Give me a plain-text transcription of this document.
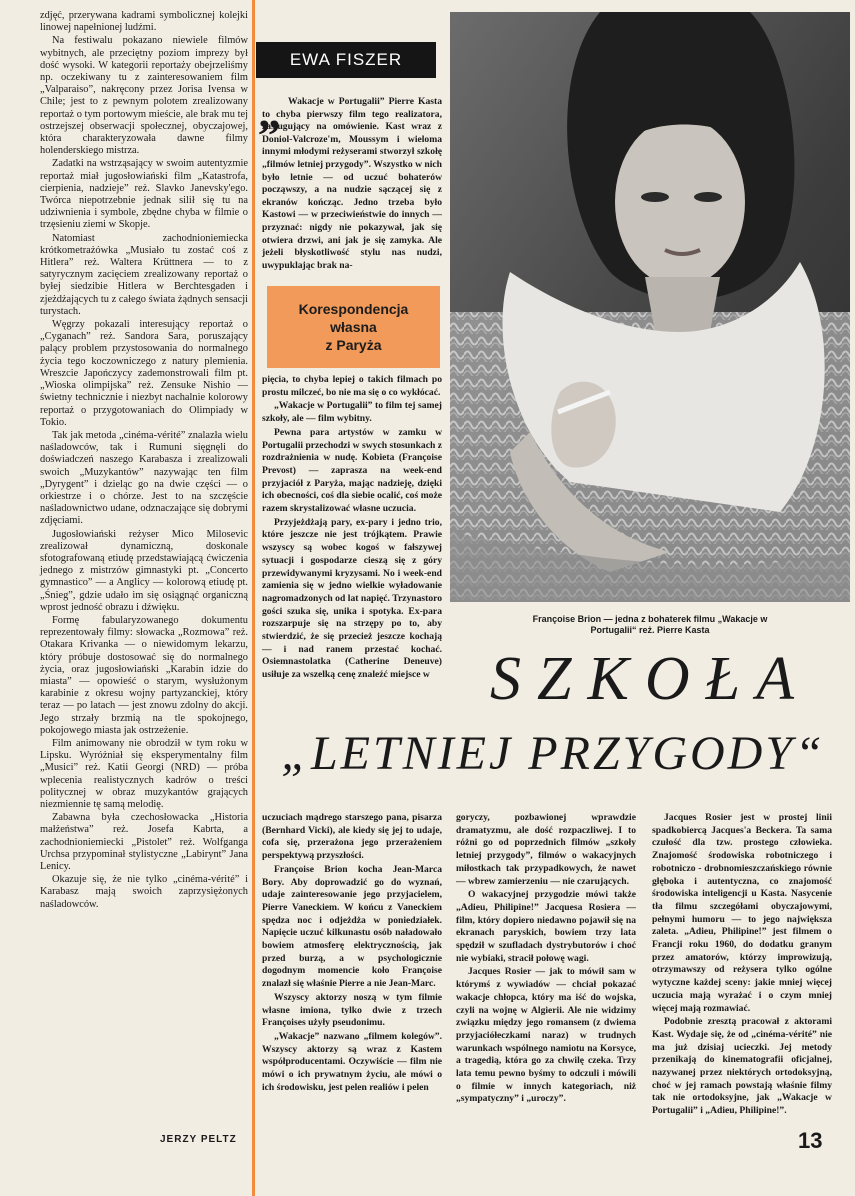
zdjęć, przerywana kadrami symbolicznej kolejki linowej napełnionej ludźmi.

Na festiwalu pokazano niewiele filmów wybitnych, ale przeciętny poziom imprezy był dość wysoki. W kategorii reportaży obejrzeliśmy np. oczekiwany tu z zainteresowaniem film „Valparaiso”, nakręcony przez Jorisa Ivensa w Chile; jest to z pewnym polotem zrealizowany reportaż o tym portowym mieście, ale brak mu tej ostrzejszej obserwacji społecznej, obyczajowej, która charakteryzowała dawne filmy holenderskiego mistrza.

Zadatki na wstrząsający w swoim autentyzmie reportaż miał jugosłowiański film „Katastrofa, cierpienia, nadzieje” reż. Slavko Janevsky'ego. Twórca niepotrzebnie jednak silił się tu na udziwnienia i symbole, zbędne chyba w filmie o trzęsieniu ziemi w Skopje.

Natomiast zachodnioniemiecka krótkometrażówka „Musiało tu zostać coś z Hitlera” reż. Waltera Krüttnera — to z satyrycznym zacięciem zrealizowany reportaż o byłej siedzibie Hitlera w Berchtesgaden i zjeżdżających tu z całego świata żądnych sensacji turystach.

Węgrzy pokazali interesujący reportaż o „Cyganach” reż. Sandora Sara, poruszający palący problem przystosowania do normalnego życia tego koczowniczego z natury plemienia. Wreszcie Japończycy zademonstrowali film pt. „Wioska olimpijska” reż. Zensuke Nishio — świetny technicznie i niezbyt nachalnie kolorowy reportaż o przygotowaniach do Olimpiady w Tokio.

Tak jak metoda „cinéma-vérité” znalazła wielu naśladowców, tak i Rumuni sięgnęli do doświadczeń naszego Karabasza i zrealizowali swoich „Muzykantów” nazywając ten film „Dyrygent” i dzieląc go na dwie części — o orkiestrze i o chórze. Jest to na szczęście naśladownictwo udane, odznaczające się dobrymi zdjęciami.

Jugosłowiański reżyser Mico Milosevic zrealizował dynamiczną, doskonale sfotografowaną etiudę przedstawiającą ćwiczenia jednego z mistrzów gimnastyki pt. „Concerto gymnastico” — a Anglicy — kolorową etiudę pt. „Śnieg”, gdzie udało im się osiągnąć organiczną wprost jedność obrazu i dźwięku.

Formę fabularyzowanego dokumentu reprezentowały filmy: słowacka „Rozmowa” reż. Otakara Krivanka — o niewidomym lekarzu, który próbuje dostosować się do normalnego życia, oraz jugosłowiański „Karabin idzie do miasta” — opowieść o starym, wysłużonym karabinie z okresu wojny partyzanckiej, który teraz — po latach — jest znowu zdolny do akcji. Jego strzały brzmią na tle spokojnego, pokojowego miasta jak ostrzeżenie.

Film animowany nie obrodził w tym roku w Lipsku. Wyróżniał się eksperymentalny film „Musici” reż. Katii Georgi (NRD) — próba wplecenia realistycznych kadrów o treści politycznej w obraz muzykantów grających niezmiennie tę samą melodię.

Zabawna była czechosłowacka „Historia małżeństwa” reż. Josefa Kabrta, a zachodnioniemiecki „Pistolet” reż. Wolfganga Urchsa przypominał stylistyczne „Labirynt” Jana Lenicy.

Okazuje się, że nie tylko „cinéma-vérité” i Karabasz mają swoich zaprzysiężonych naśladowców.

JERZY PELTZ
EWA FISZER
„ Wakacje w Portugalii” Pierre Kasta to chyba pierwszy film tego realizatora, zasługujący na omówienie. Kast wraz z Doniol-Valcroze'm, Moussym i wieloma innymi młodymi reżyserami stworzył szkołę „filmów letniej przygody”. Wszystko w nich było letnie — od uczuć bohaterów począwszy, a na nudzie sączącej się z ekranów kończąc. Jedno trzeba było Kastowi — w przeciwieństwie do innych — przyznać: nigdy nie pokazywał, jak się otwiera drzwi, ani jak je się zamyka. Ale jeżeli błyskotliwość stylu nas nudzi, uwypuklając brak na-

Korespondencja
własna
z Paryża

pięcia, to chyba lepiej o takich filmach po prostu milczeć, bo nie ma się o co wykłócać.

„Wakacje w Portugalii” to film tej samej szkoły, ale — film wybitny.

Pewna para artystów w zamku w Portugalii przechodzi w swych stosunkach z rozdrażnienia w nudę. Kobieta (Françoise Prevost) — zaprasza na week-end przyjaciół z Paryża, mając nadzieję, dzięki ich obecności, coś dla siebie ocalić, coś może razem skrystalizować własne uczucia.

Przyjeżdżają pary, ex-pary i jedno trio, które jeszcze nie jest trójkątem. Prawie wszyscy są wobec kogoś w fałszywej sytuacji i gospodarze cieszą się z góry przewidywanymi kryzysami. No i week-end zamienia się w jedno wielkie wyładowanie nagromadzonych od lat napięć. Trzynastoro gości szuka się, unika i spotyka. Ex-para rozszarpuje się na strzępy po to, aby stwierdzić, że się przecież jeszcze kochają — i nad ranem przestać kochać. Osiemnastolatka (Catherine Deneuve) usiłuje za wszelką cenę znaleźć miejsce w

Françoise Brion — jedna z bohaterek filmu „Wakacje w Portugalii“ reż. Pierre Kasta
SZKOŁA
„LETNIEJ PRZYGODY“

uczuciach mądrego starszego pana, pisarza (Bernhard Vicki), ale kiedy się jej to udaje, cofa się, przerażona jego przerażeniem perspektywą przyszłości.

Françoise Brion kocha Jean-Marca Bory. Aby doprowadzić go do wyznań, udaje zainteresowanie jego przyjacielem, Pierre Vaneckiem. W końcu z Vaneckiem spędza noc i odjeżdża w poniedziałek. Napięcie uczuć kilkunastu osób naładowało bowiem atmosferę elektrycznością, jak przed burzą, a w psychologicznie dogodnym momencie koło Françoise znalazł się właśnie Pierre a nie Jean-Marc.

Wszyscy aktorzy noszą w tym filmie własne imiona, tylko dwie z trzech Françoises użyły pseudonimu.

„Wakacje” nazwano „filmem kolegów”. Wszyscy aktorzy są wraz z Kastem współproducentami. Oczywiście — film nie mówi o ich prywatnym życiu, ale mówi o ich środowisku, jest pelen realiów i pelen

goryczy, pozbawionej wprawdzie dramatyzmu, ale dość rozpaczliwej. I to różni go od poprzednich filmów „szkoły letniej przygody”, filmów o wakacyjnych miłostkach tak przypadkowych, że nawet — wbrew zamierzeniu — nie czarujących.

O wakacyjnej przygodzie mówi także „Adieu, Philipine!” Jacquesa Rosiera — film, który dopiero niedawno pojawił się na ekranach paryskich, bowiem trzy lata spędził w szufladach dystrybutorów i choć nie wybiaki, stracił połowę wagi.

Jacques Rosier — jak to mówił sam w którymś z wywiadów — chciał pokazać wakacje chłopca, który ma iść do wojska, czyli na wojnę w Algierii. Ale nie widzimy związku między jego romansem (z dwiema przyjaciółeczkami naraz) w trudnych warunkach wspólnego namiotu na Korsyce, a tragedią, która go za chwilę czeka. Trzy lata temu pewno byśmy to odczuli i mówili o filmie w innych kategoriach, niż „sympatyczny” i „uroczy”.

Jacques Rosier jest w prostej linii spadkobiercą Jacques'a Beckera. Ta sama czułość dla tzw. prostego człowieka. Znajomość środowiska robotniczego i robotniczo - drobnomieszczańskiego równie głęboka i autentyczna, co znajomość środowiska inteligencji u Kasta. Nasycenie tła filmu szczegółami obyczajowymi, pełnymi humoru — to jego największa zaleta. „Adieu, Philipine!” jest filmem o Francji roku 1960, do dodatku granym przez amatorów, którzy improwizują, otrzymawszy od reżysera tylko ogólne wytyczne każdej sceny: jakie mniej więcej uczucia mają wyrażać i o czym mniej więcej mają rozmawiać.

Podobnie zresztą pracował z aktorami Kast. Wydaje się, że od „cinéma-vérité” nie ma już dzisiaj ucieczki. Jej metody przenikają do kinematografii oficjalnej, nazywanej przez niektórych ortodoksyjną, choć w jej ramach powstają właśnie filmy tak nie ortodoksyjne, jak „Wakacje w Portugalii” i „Adieu, Philipine!”.

13
